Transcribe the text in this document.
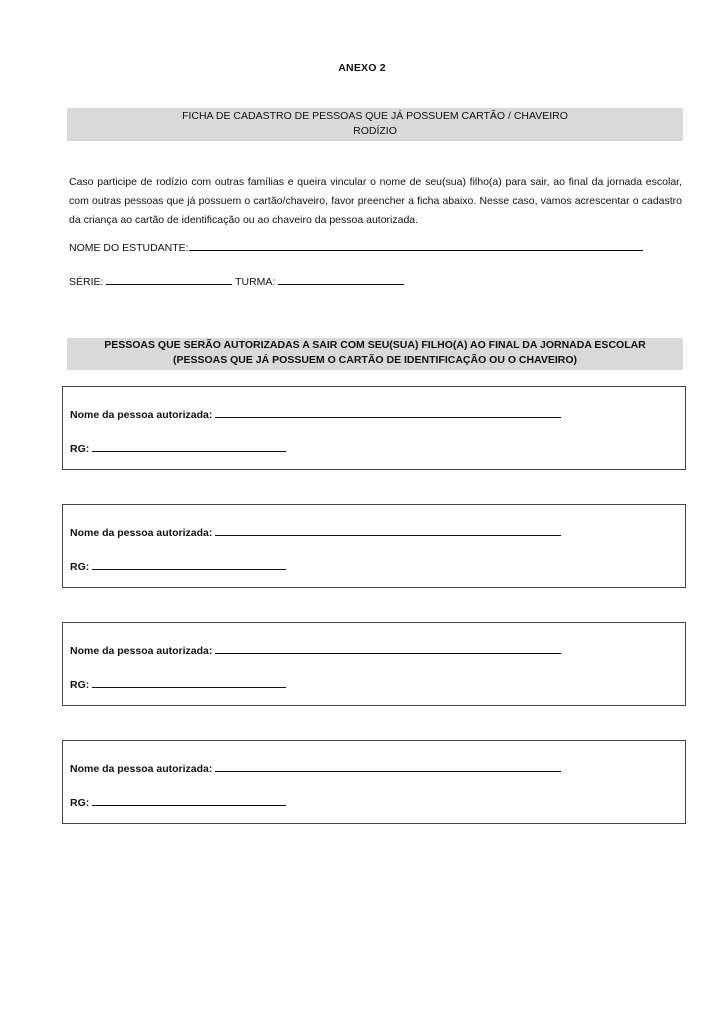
ANEXO 2
FICHA DE CADASTRO DE PESSOAS QUE JÁ POSSUEM CARTÃO / CHAVEIRO
RODÍZIO
Caso participe de rodízio com outras famílias e queira vincular o nome de seu(sua) filho(a) para sair, ao final da jornada escolar, com outras pessoas que já possuem o cartão/chaveiro, favor preencher a ficha abaixo. Nesse caso, vamos acrescentar o cadastro da criança ao cartão de identificação ou ao chaveiro da pessoa autorizada.
NOME DO ESTUDANTE:
SÉRIE:	TURMA:
PESSOAS QUE SERÃO AUTORIZADAS A SAIR COM SEU(SUA) FILHO(A) AO FINAL DA JORNADA ESCOLAR
(PESSOAS QUE JÁ POSSUEM O CARTÃO DE IDENTIFICAÇÃO OU O CHAVEIRO)
Nome da pessoa autorizada:
RG:
Nome da pessoa autorizada:
RG:
Nome da pessoa autorizada:
RG:
Nome da pessoa autorizada:
RG:
